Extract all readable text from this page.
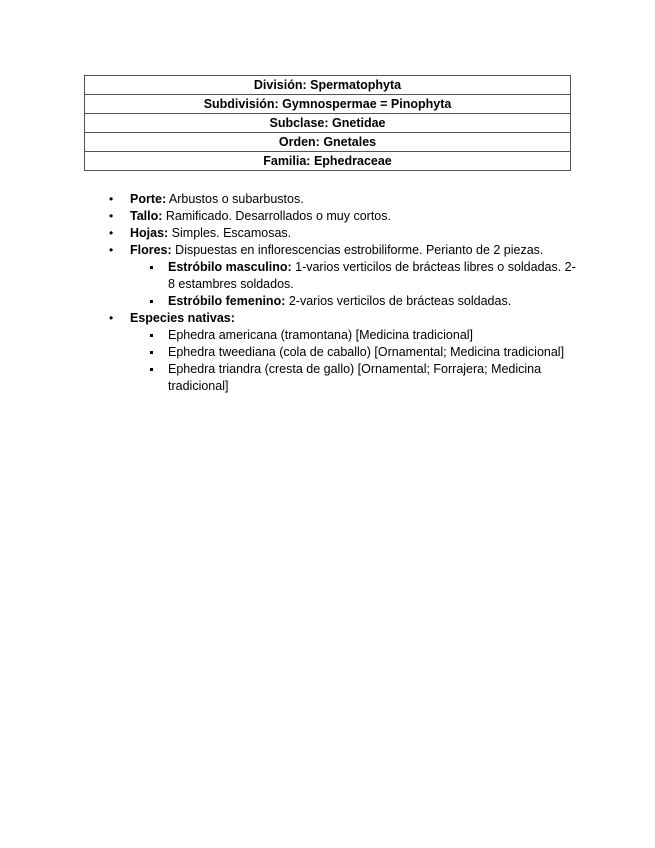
División: Spermatophyta
Subdivisión: Gymnospermae = Pinophyta
Subclase: Gnetidae
Orden: Gnetales
Familia: Ephedraceae
• Porte: Arbustos o subarbustos.
• Tallo: Ramificado. Desarrollados o muy cortos.
• Hojas: Simples. Escamosas.
• Flores: Dispuestas en inflorescencias estrobiliforme. Perianto de 2 piezas.
Estróbilo masculino: 1-varios verticilos de brácteas libres o soldadas. 2-8 estambres soldados.
Estróbilo femenino: 2-varios verticilos de brácteas soldadas.
• Especies nativas:
Ephedra americana (tramontana) [Medicina tradicional]
Ephedra tweediana (cola de caballo) [Ornamental; Medicina tradicional]
Ephedra triandra (cresta de gallo) [Ornamental; Forrajera; Medicina tradicional]
